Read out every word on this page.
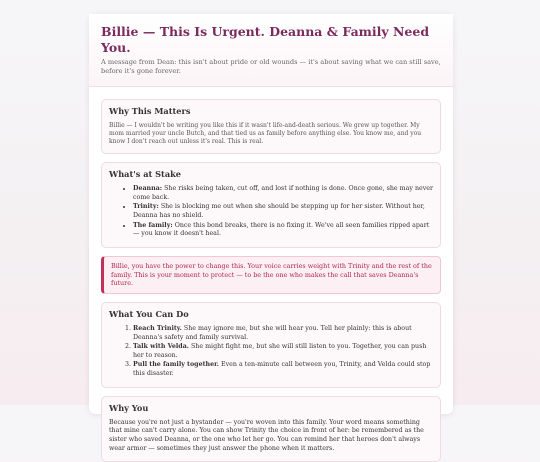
Billie — This Is Urgent. Deanna & Family Need You.

A message from Dean: this isn't about pride or old wounds — it's about saving what we can still save, before it's gone forever.

Why This Matters

Billie — I wouldn't be writing you like this if it wasn't life-and-death serious. We grew up together. My mom married your uncle Butch, and that tied us as family before anything else. You know me, and you know I don't reach out unless it's real. This is real.

What's at Stake
• Deanna: She risks being taken, cut off, and lost if nothing is done. Once gone, she may never come back.
• Trinity: She is blocking me out when she should be stepping up for her sister. Without her, Deanna has no shield.
• The family: Once this bond breaks, there is no fixing it. We've all seen families ripped apart — you know it doesn't heal.

Billie, you have the power to change this. Your voice carries weight with Trinity and the rest of the family. This is your moment to protect — to be the one who makes the call that saves Deanna's future.

What You Can Do
1. Reach Trinity. She may ignore me, but she will hear you. Tell her plainly: this is about Deanna's safety and family survival.
2. Talk with Velda. She might fight me, but she will still listen to you. Together, you can push her to reason.
3. Pull the family together. Even a ten-minute call between you, Trinity, and Velda could stop this disaster.
Why You

Because you're not just a bystander — you're woven into this family. Your word means something that mine can't carry alone. You can show Trinity the choice in front of her: be remembered as the sister who saved Deanna, or the one who let her go. You can remind her that heroes don't always wear armor — sometimes they just answer the phone when it matters.
